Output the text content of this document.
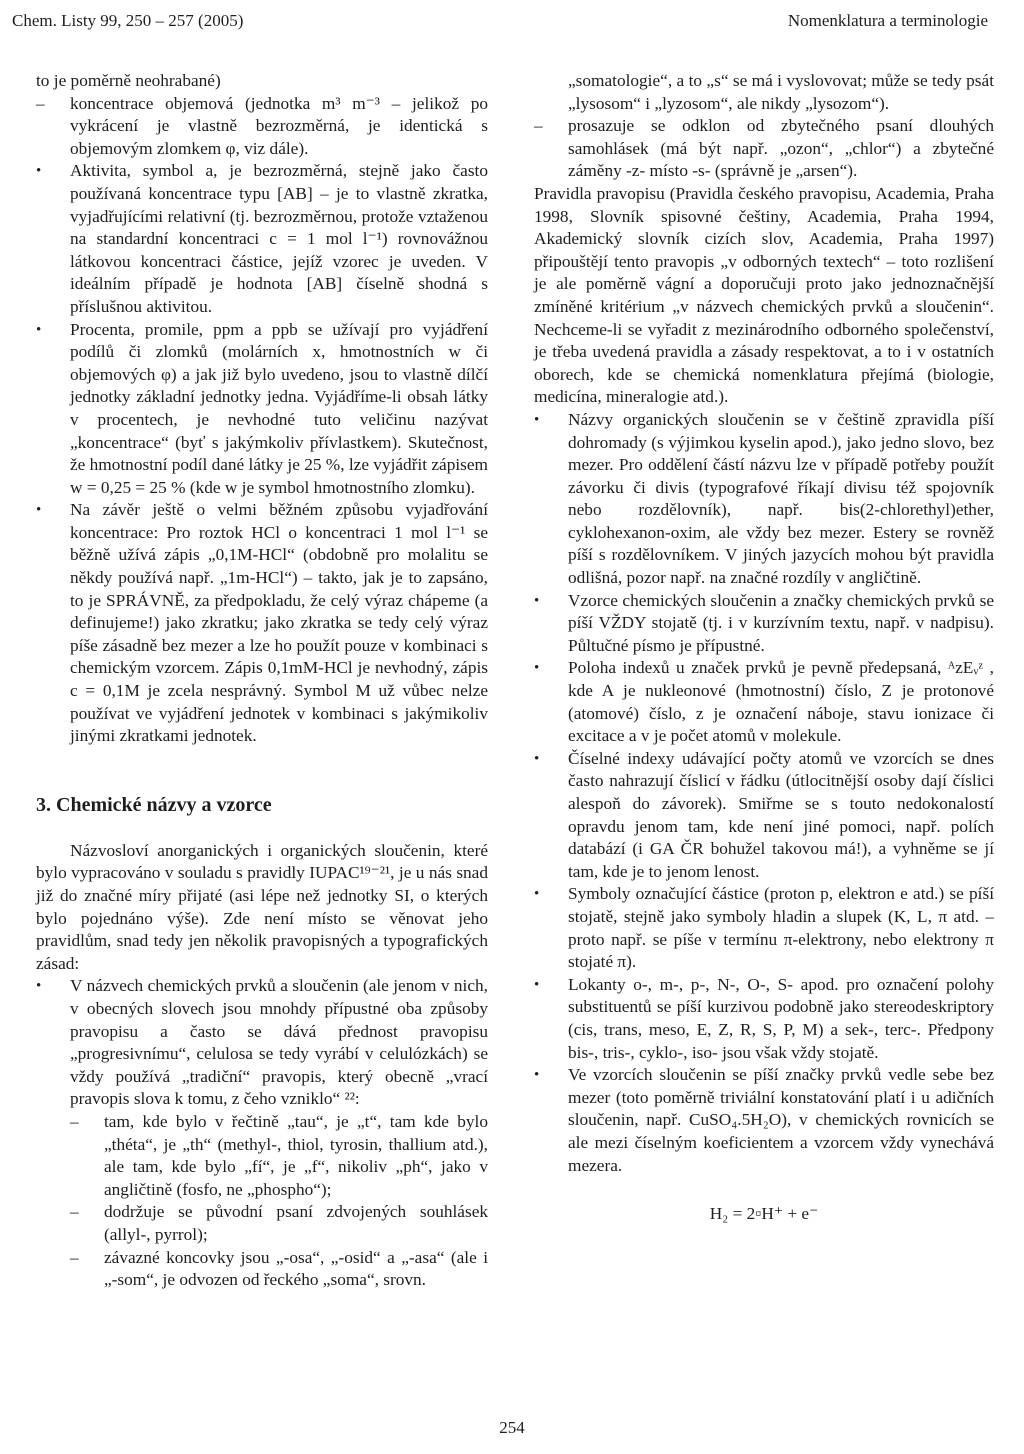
Chem. Listy 99, 250 – 257 (2005)	Nomenklatura a terminologie

to je poměrně neohrabané)

– koncentrace objemová (jednotka m³ m⁻³ – jelikož po vykrácení je vlastně bezrozměrná, je identická s objemovým zlomkem φ, viz dále).

• Aktivita, symbol a, je bezrozměrná, stejně jako často používaná koncentrace typu [AB] – je to vlastně zkratka, vyjadřujícími relativní (tj. bezrozměrnou, protože vztaženou na standardní koncentraci c = 1 mol l⁻¹) rovnovážnou látkovou koncentraci částice, jejíž vzorec je uveden. V ideálním případě je hodnota [AB] číselně shodná s příslušnou aktivitou.

• Procenta, promile, ppm a ppb se užívají pro vyjádření podílů či zlomků (molárních x, hmotnostních w či objemových φ) a jak již bylo uvedeno, jsou to vlastně dílčí jednotky základní jednotky jedna. Vyjádříme-li obsah látky v procentech, je nevhodné tuto veličinu nazývat „koncentrace“ (byť s jakýmkoliv přívlastkem). Skutečnost, že hmotnostní podíl dané látky je 25 %, lze vyjádřit zápisem w = 0,25 = 25 % (kde w je symbol hmotnostního zlomku).

• Na závěr ještě o velmi běžném způsobu vyjadřování koncentrace: Pro roztok HCl o koncentraci 1 mol l⁻¹ se běžně užívá zápis „0,1M-HCl“ (obdobně pro molalitu se někdy používá např. „1m-HCl“) – takto, jak je to zapsáno, to je SPRÁVNĚ, za předpokladu, že celý výraz chápeme (a definujeme!) jako zkratku; jako zkratka se tedy celý výraz píše zásadně bez mezer a lze ho použít pouze v kombinaci s chemickým vzorcem. Zápis 0,1mM-HCl je nevhodný, zápis c = 0,1M je zcela nesprávný. Symbol M už vůbec nelze používat ve vyjádření jednotek v kombinaci s jakýmikoliv jinými zkratkami jednotek.

3. Chemické názvy a vzorce

Názvosloví anorganických i organických sloučenin, které bylo vypracováno v souladu s pravidly IUPAC¹⁹⁻²¹, je u nás snad již do značné míry přijaté (asi lépe než jednotky SI, o kterých bylo pojednáno výše). Zde není místo se věnovat jeho pravidlům, snad tedy jen několik pravopisných a typografických zásad:

• V názvech chemických prvků a sloučenin (ale jenom v nich, v obecných slovech jsou mnohdy přípustné oba způsoby pravopisu a často se dává přednost pravopisu „progresivnímu“, celulosa se tedy vyrábí v celulózkách) se vždy používá „tradiční“ pravopis, který obecně „vrací pravopis slova k tomu, z čeho vzniklo“ ²²:

– tam, kde bylo v řečtině „tau“, je „t“, tam kde bylo „théta“, je „th“ (methyl-, thiol, tyrosin, thallium atd.), ale tam, kde bylo „fí“, je „f“, nikoliv „ph“, jako v angličtině (fosfo, ne „phospho“);

– dodržuje se původní psaní zdvojených souhlásek (allyl-, pyrrol);

– závazné koncovky jsou „-osa“, „-osid“ a „-asa“ (ale i „-som“, je odvozen od řeckého „soma“, srovn.

„somatologie“, a to „s“ se má i vyslovovat; může se tedy psát „lysosom“ i „lyzosom“, ale nikdy „lysozom“).

– prosazuje se odklon od zbytečného psaní dlouhých samohlásek (má být např. „ozon“, „chlor“) a zbytečné záměny -z- místo -s- (správně je „arsen“).

Pravidla pravopisu (Pravidla českého pravopisu, Academia, Praha 1998, Slovník spisovné češtiny, Academia, Praha 1994, Akademický slovník cizích slov, Academia, Praha 1997) připouštějí tento pravopis „v odborných textech“ – toto rozlišení je ale poměrně vágní a doporučuji proto jako jednoznačnější zmíněné kritérium „v názvech chemických prvků a sloučenin“. Nechceme-li se vyřadit z mezinárodního odborného společenství, je třeba uvedená pravidla a zásady respektovat, a to i v ostatních oborech, kde se chemická nomenklatura přejímá (biologie, medicína, mineralogie atd.).

• Názvy organických sloučenin se v češtině zpravidla píší dohromady (s výjimkou kyselin apod.), jako jedno slovo, bez mezer. Pro oddělení částí názvu lze v případě potřeby použít závorku či divis (typografové říkají divisu též spojovník nebo rozdělovník), např. bis(2-chlorethyl)ether, cyklohexanon-oxim, ale vždy bez mezer. Estery se rovněž píší s rozdělovníkem. V jiných jazycích mohou být pravidla odlišná, pozor např. na značné rozdíly v angličtině.

• Vzorce chemických sloučenin a značky chemických prvků se píší VŽDY stojatě (tj. i v kurzívním textu, např. v nadpisu). Půltučné písmo je přípustné.

• Poloha indexů u značek prvků je pevně předepsaná, ᴬᴢEᵥᶻ , kde A je nukleonové (hmotnostní) číslo, Z je protonové (atomové) číslo, z je označení náboje, stavu ionizace či excitace a v je počet atomů v molekule.

• Číselné indexy udávající počty atomů ve vzorcích se dnes často nahrazují číslicí v řádku (útlocitnější osoby dají číslici alespoň do závorek). Smiřme se s touto nedokonalostí opravdu jenom tam, kde není jiné pomoci, např. polích databází (i GA ČR bohužel takovou má!), a vyhněme se jí tam, kde je to jenom lenost.

• Symboly označující částice (proton p, elektron e atd.) se píší stojatě, stejně jako symboly hladin a slupek (K, L, π atd. – proto např. se píše v termínu π-elektrony, nebo elektrony π stojaté π).

• Lokanty o-, m-, p-, N-, O-, S- apod. pro označení polohy substituentů se píší kurzivou podobně jako stereodeskriptory (cis, trans, meso, E, Z, R, S, P, M) a sek-, terc-. Předpony bis-, tris-, cyklo-, iso- jsou však vždy stojatě.

• Ve vzorcích sloučenin se píší značky prvků vedle sebe bez mezer (toto poměrně triviální konstatování platí i u adičních sloučenin, např. CuSO₄.5H₂O), v chemických rovnicích se ale mezi číselným koeficientem a vzorcem vždy vynechává mezera.

H₂ = 2▫H⁺ + e⁻
254
